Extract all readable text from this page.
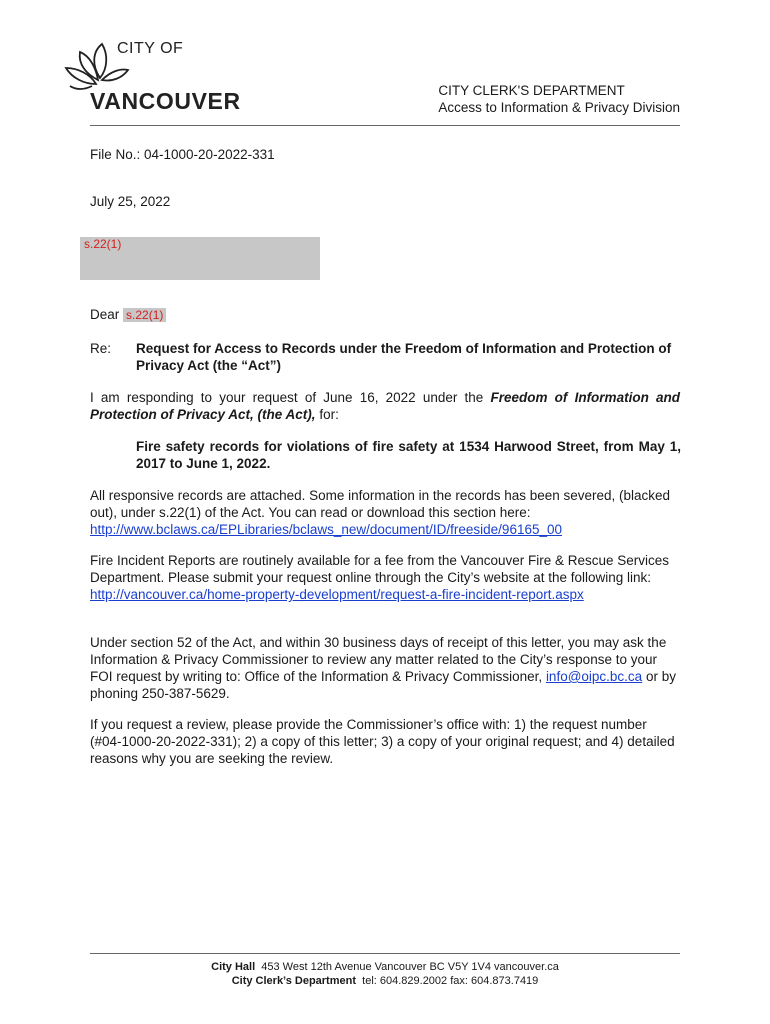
CITY OF
VANCOUVER	CITY CLERK'S DEPARTMENT
Access to Information & Privacy Division
File No.: 04-1000-20-2022-331
July 25, 2022
s.22(1)
Dear s.22(1)
Re: Request for Access to Records under the Freedom of Information and Protection of Privacy Act (the “Act”)
I am responding to your request of June 16, 2022 under the Freedom of Information and Protection of Privacy Act, (the Act), for:
Fire safety records for violations of fire safety at 1534 Harwood Street, from May 1, 2017 to June 1, 2022.
All responsive records are attached. Some information in the records has been severed, (blacked out), under s.22(1) of the Act. You can read or download this section here: http://www.bclaws.ca/EPLibraries/bclaws_new/document/ID/freeside/96165_00
Fire Incident Reports are routinely available for a fee from the Vancouver Fire & Rescue Services Department. Please submit your request online through the City’s website at the following link: http://vancouver.ca/home-property-development/request-a-fire-incident-report.aspx
Under section 52 of the Act, and within 30 business days of receipt of this letter, you may ask the Information & Privacy Commissioner to review any matter related to the City’s response to your FOI request by writing to: Office of the Information & Privacy Commissioner, info@oipc.bc.ca or by phoning 250-387-5629.
If you request a review, please provide the Commissioner’s office with: 1) the request number (#04-1000-20-2022-331); 2) a copy of this letter; 3) a copy of your original request; and 4) detailed reasons why you are seeking the review.
City Hall 453 West 12th Avenue Vancouver BC V5Y 1V4 vancouver.ca
City Clerk’s Department tel: 604.829.2002 fax: 604.873.7419
